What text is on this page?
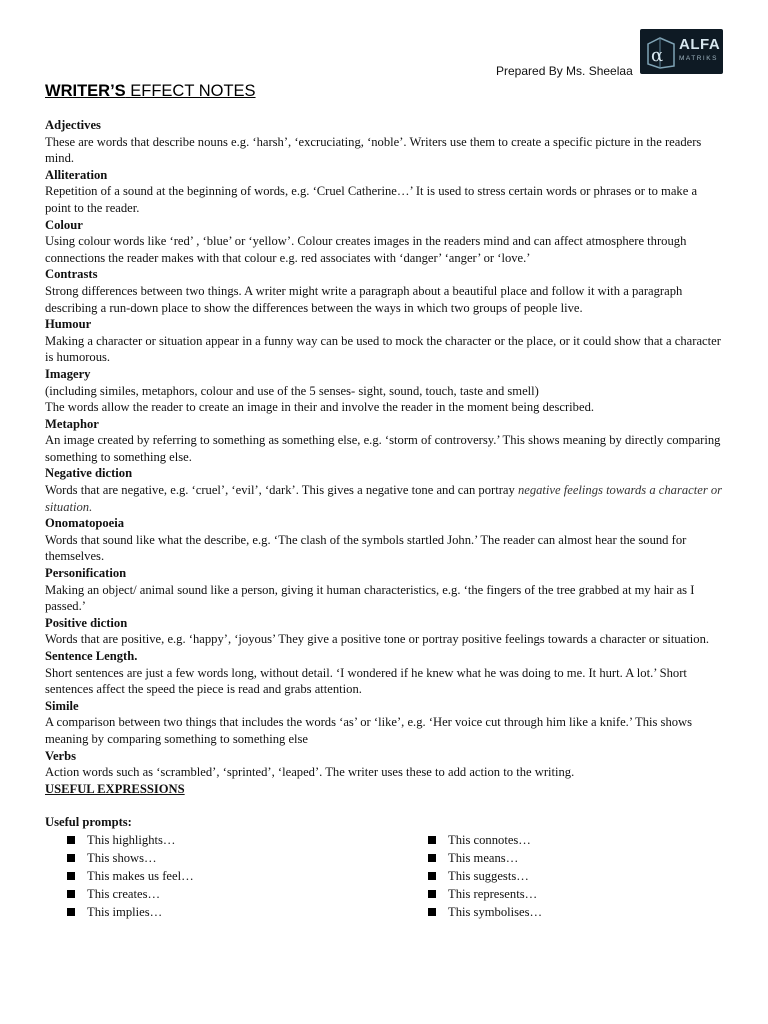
α
ALFA
MATRIKS
Prepared By Ms. Sheelaa
WRITER’S EFFECT NOTES
Adjectives
These are words that describe nouns e.g. ‘harsh’, ‘excruciating, ‘noble’. Writers use them to create a specific picture in the readers mind.
Alliteration
Repetition of a sound at the beginning of words, e.g. ‘Cruel Catherine…’ It is used to stress certain words or phrases or to make a point to the reader.
Colour
Using colour words like ‘red’ , ‘blue’ or ‘yellow’. Colour creates images in the readers mind and can affect atmosphere through connections the reader makes with that colour e.g. red associates with ‘danger’ ‘anger’ or ‘love.’
Contrasts
Strong differences between two things. A writer might write a paragraph about a beautiful place and follow it with a paragraph describing a run-down place to show the differences between the ways in which two groups of people live.
Humour
Making a character or situation appear in a funny way can be used to mock the character or the place, or it could show that a character is humorous.
Imagery
(including similes, metaphors, colour and use of the 5 senses- sight, sound, touch, taste and smell)
The words allow the reader to create an image in their and involve the reader in the moment being described.
Metaphor
An image created by referring to something as something else, e.g. ‘storm of controversy.’ This shows meaning by directly comparing something to something else.
Negative diction
Words that are negative, e.g. ‘cruel’, ‘evil’, ‘dark’. This gives a negative tone and can portray negative feelings towards a character or situation.
Onomatopoeia
Words that sound like what the describe, e.g. ‘The clash of the symbols startled John.’ The reader can almost hear the sound for themselves.
Personification
Making an object/ animal sound like a person, giving it human characteristics, e.g. ‘the fingers of the tree grabbed at my hair as I passed.’
Positive diction
Words that are positive, e.g. ‘happy’, ‘joyous’ They give a positive tone or portray positive feelings towards a character or situation.
Sentence Length.
Short sentences are just a few words long, without detail. ‘I wondered if he knew what he was doing to me. It hurt. A lot.’ Short sentences affect the speed the piece is read and grabs attention.
Simile
A comparison between two things that includes the words ‘as’ or ‘like’, e.g. ‘Her voice cut through him like a knife.’ This shows meaning by comparing something to something else
Verbs
Action words such as ‘scrambled’, ‘sprinted’, ‘leaped’. The writer uses these to add action to the writing.
USEFUL EXPRESSIONS
Useful prompts:
This highlights…
This shows…
This makes us feel…
This creates…
This implies…
This connotes…
This means…
This suggests…
This represents…
This symbolises…
